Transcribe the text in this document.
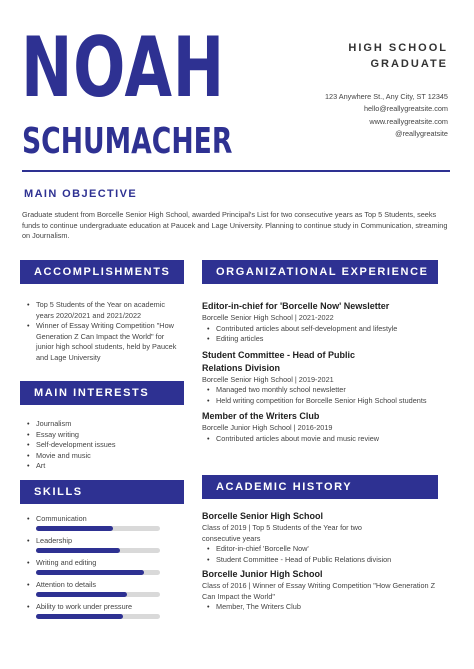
NOAH
SCHUMACHER
HIGH SCHOOL
GRADUATE
123 Anywhere St., Any City, ST 12345
hello@reallygreatsite.com
www.reallygreatsite.com
@reallygreatsite
MAIN OBJECTIVE
Graduate student from Borcelle Senior High School, awarded Principal's List for two consecutive years as Top 5 Students, seeks funds to continue undergraduate education at Paucek and Lage University. Planning to continue study in Communication, streaming on Journalism.
ACCOMPLISHMENTS
• Top 5 Students of the Year on academic years 2020/2021 and 2021/2022
• Winner of Essay Writing Competition "How Generation Z Can Impact the World" for junior high school students, held by Paucek and Lage University
MAIN INTERESTS
• Journalism
• Essay writing
• Self-development issues
• Movie and music
• Art
SKILLS
• Communication
• Leadership
• Writing and editing
• Attention to details
• Ability to work under pressure
ORGANIZATIONAL EXPERIENCE
Editor-in-chief for 'Borcelle Now' Newsletter
Borcelle Senior High School | 2021-2022
• Contributed articles about self-development and lifestyle
• Editing articles
Student Committee - Head of Public Relations Division
Borcelle Senior High School | 2019-2021
• Managed two monthly school newsletter
• Held writing competition for Borcelle Senior High School students
Member of the Writers Club
Borcelle Junior High School | 2016-2019
• Contributed articles about movie and music review
ACADEMIC HISTORY
Borcelle Senior High School
Class of 2019 | Top 5 Students of the Year for two consecutive years
• Editor-in-chief 'Borcelle Now'
• Student Committee - Head of Public Relations division
Borcelle Junior High School
Class of 2016 | Winner of Essay Writing Competition "How Generation Z Can Impact the World"
• Member, The Writers Club
